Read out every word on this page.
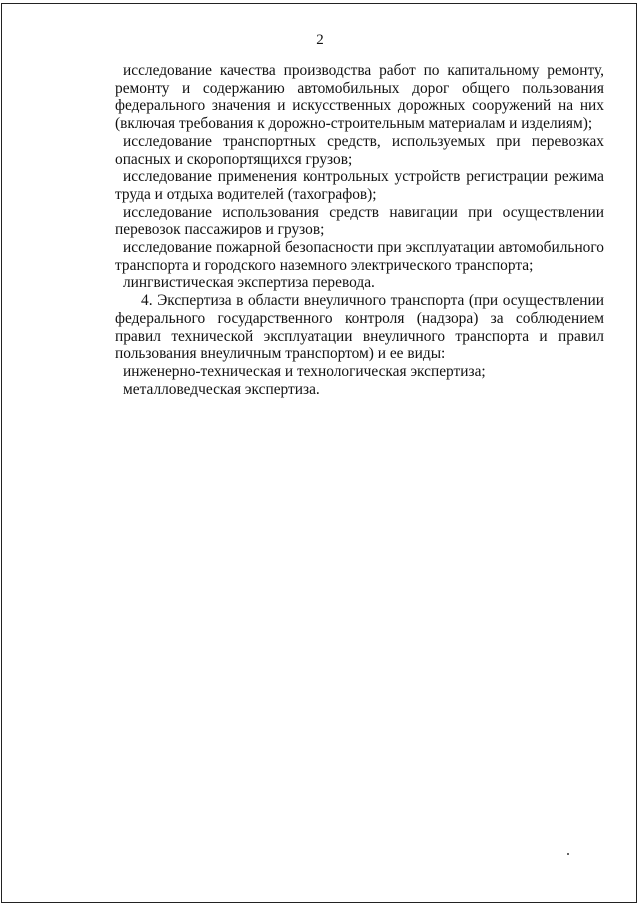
2

исследование качества производства работ по капитальному ремонту, ремонту и содержанию автомобильных дорог общего пользования федерального значения и искусственных дорожных сооружений на них (включая требования к дорожно-строительным материалам и изделиям);

исследование транспортных средств, используемых при перевозках опасных и скоропортящихся грузов;

исследование применения контрольных устройств регистрации режима труда и отдыха водителей (тахографов);

исследование использования средств навигации при осуществлении перевозок пассажиров и грузов;

исследование пожарной безопасности при эксплуатации автомобильного транспорта и городского наземного электрического транспорта;

лингвистическая экспертиза перевода.

4. Экспертиза в области внеуличного транспорта (при осуществлении федерального государственного контроля (надзора) за соблюдением правил технической эксплуатации внеуличного транспорта и правил пользования внеуличным транспортом) и ее виды:

инженерно-техническая и технологическая экспертиза;

металловедческая экспертиза.
